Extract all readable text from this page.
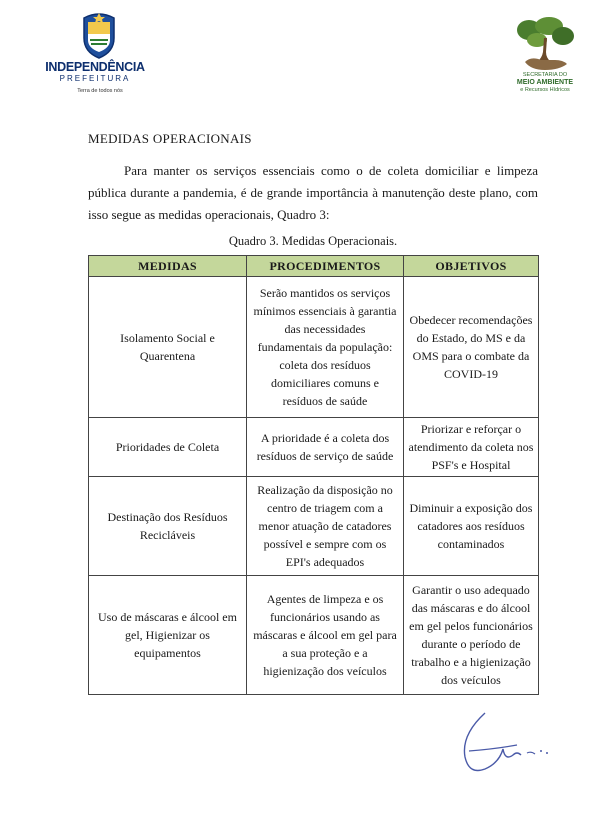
INDEPENDÊNCIA
PREFEITURA
Terra de todos nós
SECRETARIA DO
MEIO AMBIENTE
e Recursos Hídricos
MEDIDAS OPERACIONAIS

Para manter os serviços essenciais como o de coleta domiciliar e limpeza pública durante a pandemia, é de grande importância à manutenção deste plano, com isso segue as medidas operacionais, Quadro 3:

Quadro 3. Medidas Operacionais.
MEDIDAS	PROCEDIMENTOS	OBJETIVOS
Isolamento Social e Quarentena	Serão mantidos os serviços mínimos essenciais à garantia das necessidades fundamentais da população: coleta dos resíduos domiciliares comuns e resíduos de saúde	Obedecer recomendações do Estado, do MS e da OMS para o combate da COVID-19
Prioridades de Coleta	A prioridade é a coleta dos resíduos de serviço de saúde	Priorizar e reforçar o atendimento da coleta nos PSF's e Hospital
Destinação dos Resíduos Recicláveis	Realização da disposição no centro de triagem com a menor atuação de catadores possível e sempre com os EPI's adequados	Diminuir a exposição dos catadores aos resíduos contaminados
Uso de máscaras e álcool em gel, Higienizar os equipamentos	Agentes de limpeza e os funcionários usando as máscaras e álcool em gel para a sua proteção e a higienização dos veículos	Garantir o uso adequado das máscaras e do álcool em gel pelos funcionários durante o período de trabalho e a higienização dos veículos
